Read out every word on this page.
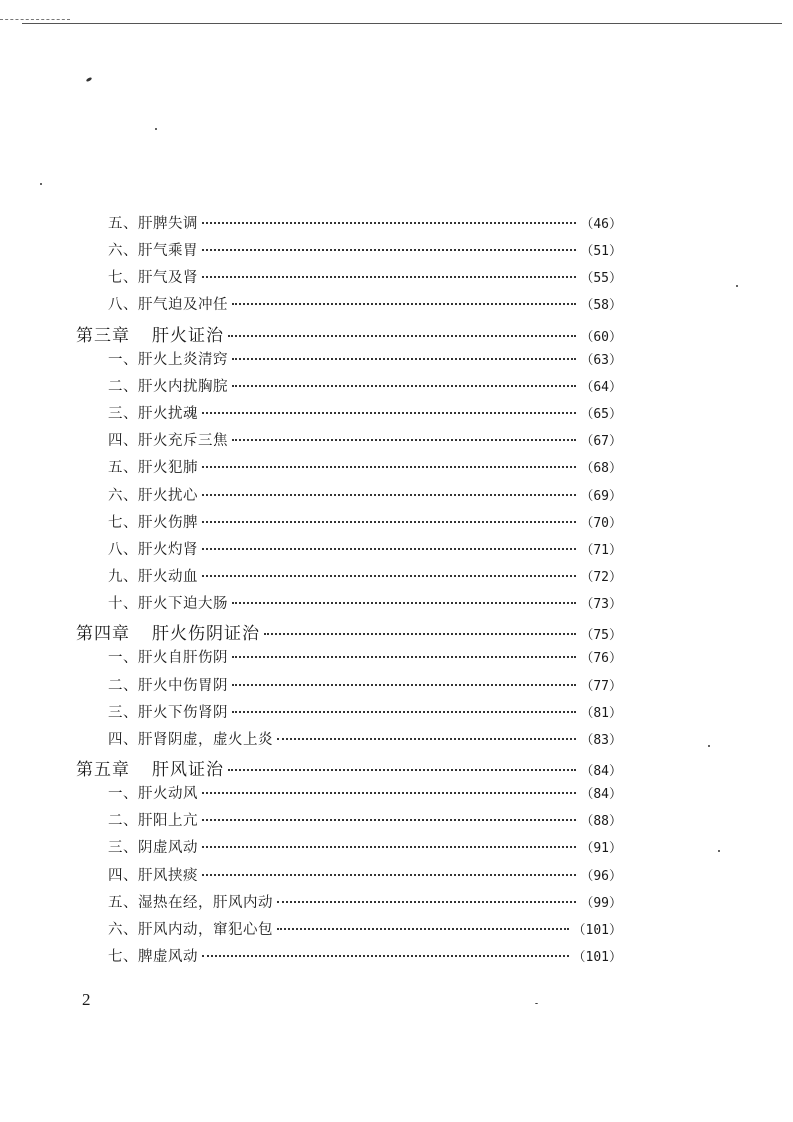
五、 肝脾失调	（46）
六、 肝气乘胃	（51）
七、 肝气及肾	（55）
八、 肝气迫及冲任	（58）
第三章 肝火证治	（60）
一、 肝火上炎清窍	（63）
二、 肝火内扰胸脘	（64）
三、 肝火扰魂	（65）
四、 肝火充斥三焦	（67）
五、 肝火犯肺	（68）
六、 肝火扰心	（69）
七、 肝火伤脾	（70）
八、 肝火灼肾	（71）
九、 肝火动血	（72）
十、 肝火下迫大肠	（73）
第四章 肝火伤阴证治	（75）
一、 肝火自肝伤阴	（76）
二、 肝火中伤胃阴	（77）
三、 肝火下伤肾阴	（81）
四、 肝肾阴虚，虚火上炎	（83）
第五章 肝风证治	（84）
一、 肝火动风	（84）
二、 肝阳上亢	（88）
三、 阴虚风动	（91）
四、 肝风挟痰	（96）
五、 湿热在经，肝风内动	（99）
六、 肝风内动，窜犯心包	（101）
七、 脾虚风动	（101）
2
